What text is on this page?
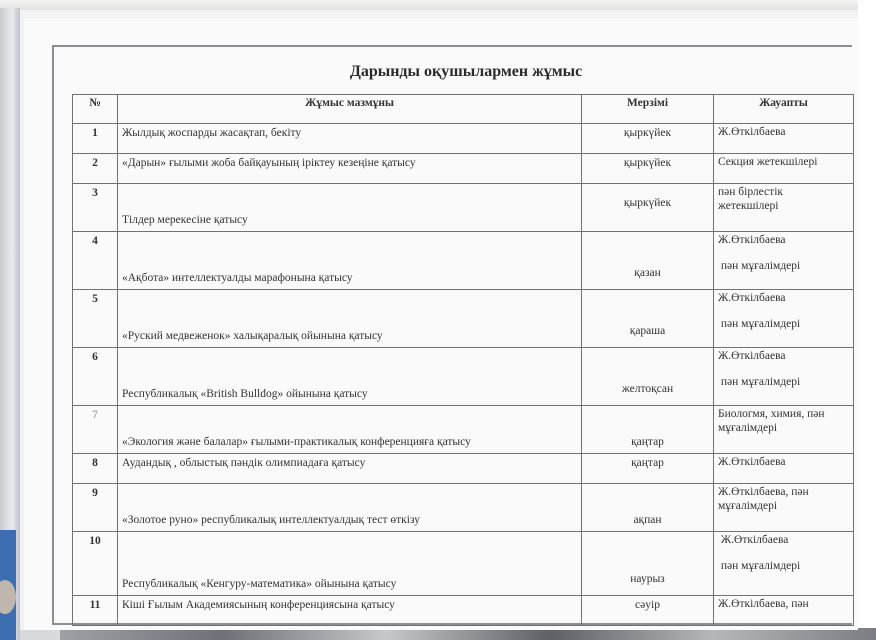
Дарынды оқушылармен жұмыс
№	Жұмыс мазмұны	Мерзімі	Жауапты
1	Жылдық жоспарды жасақтап, бекіту	қыркүйек	Ж.Өткілбаева

2	«Дарын» ғылыми жоба байқауының іріктеу кезеңіне қатысу	қыркүйек	Секция жетекшілері

3	Тілдер мерекесіне қатысу	қыркүйек	пән бірлестік
жетекшілері

4	«Ақбота» интеллектуалды марафонына қатысу	қазан	Ж.Өткілбаева
пән мұғалімдері

5	«Руский медвеженок» халықаралық ойынына қатысу	қараша	Ж.Өткілбаева
пән мұғалімдері

6	Республикалық «British Bulldog» ойынына қатысу	желтоқсан	Ж.Өткілбаева
пән мұғалімдері

7	«Экология және балалар» ғылыми-практикалық конференцияға қатысу	қаңтар	Биологмя, химия, пән
мұғалімдері

8	Аудандық , облыстық пәндік олимпиадаға қатысу	қаңтар	Ж.Өткілбаева

9	«Золотое руно» республикалық интеллектуалдық тест өткізу	ақпан	Ж.Өткілбаева, пән
мұғалімдері

10	Республикалық «Кенгуру-математика» ойынына қатысу	наурыз	Ж.Өткілбаева
пән мұғалімдері

11	Кіші Ғылым Академиясының конференциясына қатысу	сәуір	Ж.Өткілбаева, пән
